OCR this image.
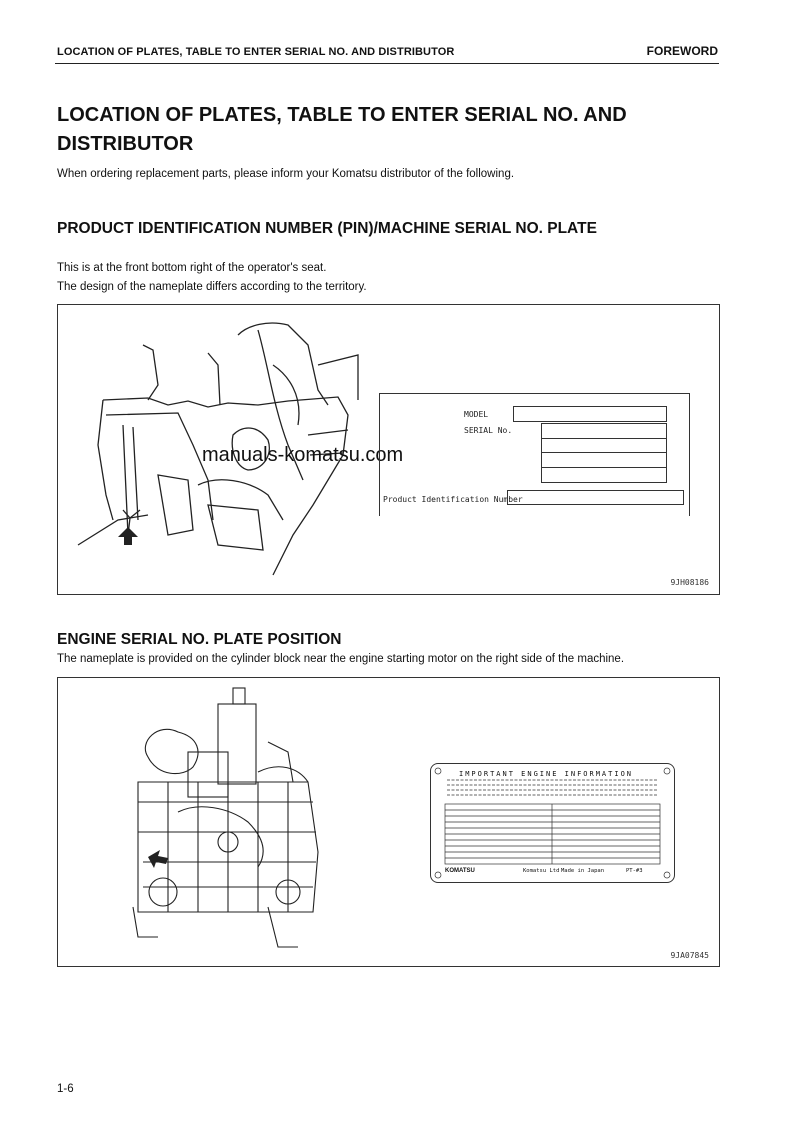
LOCATION OF PLATES, TABLE TO ENTER SERIAL NO. AND DISTRIBUTOR	FOREWORD
LOCATION OF PLATES, TABLE TO ENTER SERIAL NO. AND DISTRIBUTOR
When ordering replacement parts, please inform your Komatsu distributor of the following.
PRODUCT IDENTIFICATION NUMBER (PIN)/MACHINE SERIAL NO. PLATE
This is at the front bottom right of the operator's seat.
The design of the nameplate differs according to the territory.
manuals-komatsu.com
MODEL
SERIAL No.
Product Identification Number
9JH08186
ENGINE SERIAL NO. PLATE POSITION
The nameplate is provided on the cylinder block near the engine starting motor on the right side of the machine.
IMPORTANT ENGINE INFORMATION
KOMATSU	Komatsu Ltd Made in Japan	PT-#3
9JA07845
1-6
